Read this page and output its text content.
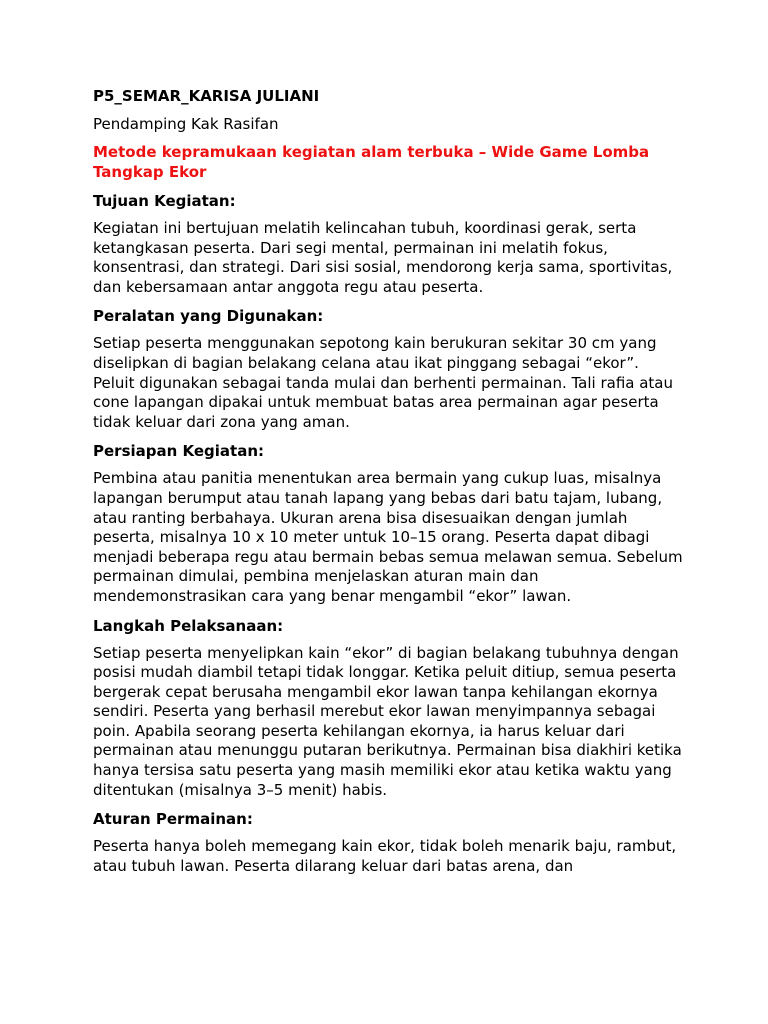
P5_SEMAR_KARISA JULIANI
Pendamping Kak Rasifan
Metode kepramukaan kegiatan alam terbuka – Wide Game Lomba Tangkap Ekor
Tujuan Kegiatan:
Kegiatan ini bertujuan melatih kelincahan tubuh, koordinasi gerak, serta ketangkasan peserta. Dari segi mental, permainan ini melatih fokus, konsentrasi, dan strategi. Dari sisi sosial, mendorong kerja sama, sportivitas, dan kebersamaan antar anggota regu atau peserta.
Peralatan yang Digunakan:
Setiap peserta menggunakan sepotong kain berukuran sekitar 30 cm yang diselipkan di bagian belakang celana atau ikat pinggang sebagai “ekor”. Peluit digunakan sebagai tanda mulai dan berhenti permainan. Tali rafia atau cone lapangan dipakai untuk membuat batas area permainan agar peserta tidak keluar dari zona yang aman.
Persiapan Kegiatan:
Pembina atau panitia menentukan area bermain yang cukup luas, misalnya lapangan berumput atau tanah lapang yang bebas dari batu tajam, lubang, atau ranting berbahaya. Ukuran arena bisa disesuaikan dengan jumlah peserta, misalnya 10 x 10 meter untuk 10–15 orang. Peserta dapat dibagi menjadi beberapa regu atau bermain bebas semua melawan semua. Sebelum permainan dimulai, pembina menjelaskan aturan main dan mendemonstrasikan cara yang benar mengambil “ekor” lawan.
Langkah Pelaksanaan:
Setiap peserta menyelipkan kain “ekor” di bagian belakang tubuhnya dengan posisi mudah diambil tetapi tidak longgar. Ketika peluit ditiup, semua peserta bergerak cepat berusaha mengambil ekor lawan tanpa kehilangan ekornya sendiri. Peserta yang berhasil merebut ekor lawan menyimpannya sebagai poin. Apabila seorang peserta kehilangan ekornya, ia harus keluar dari permainan atau menunggu putaran berikutnya. Permainan bisa diakhiri ketika hanya tersisa satu peserta yang masih memiliki ekor atau ketika waktu yang ditentukan (misalnya 3–5 menit) habis.
Aturan Permainan:
Peserta hanya boleh memegang kain ekor, tidak boleh menarik baju, rambut, atau tubuh lawan. Peserta dilarang keluar dari batas arena, dan
